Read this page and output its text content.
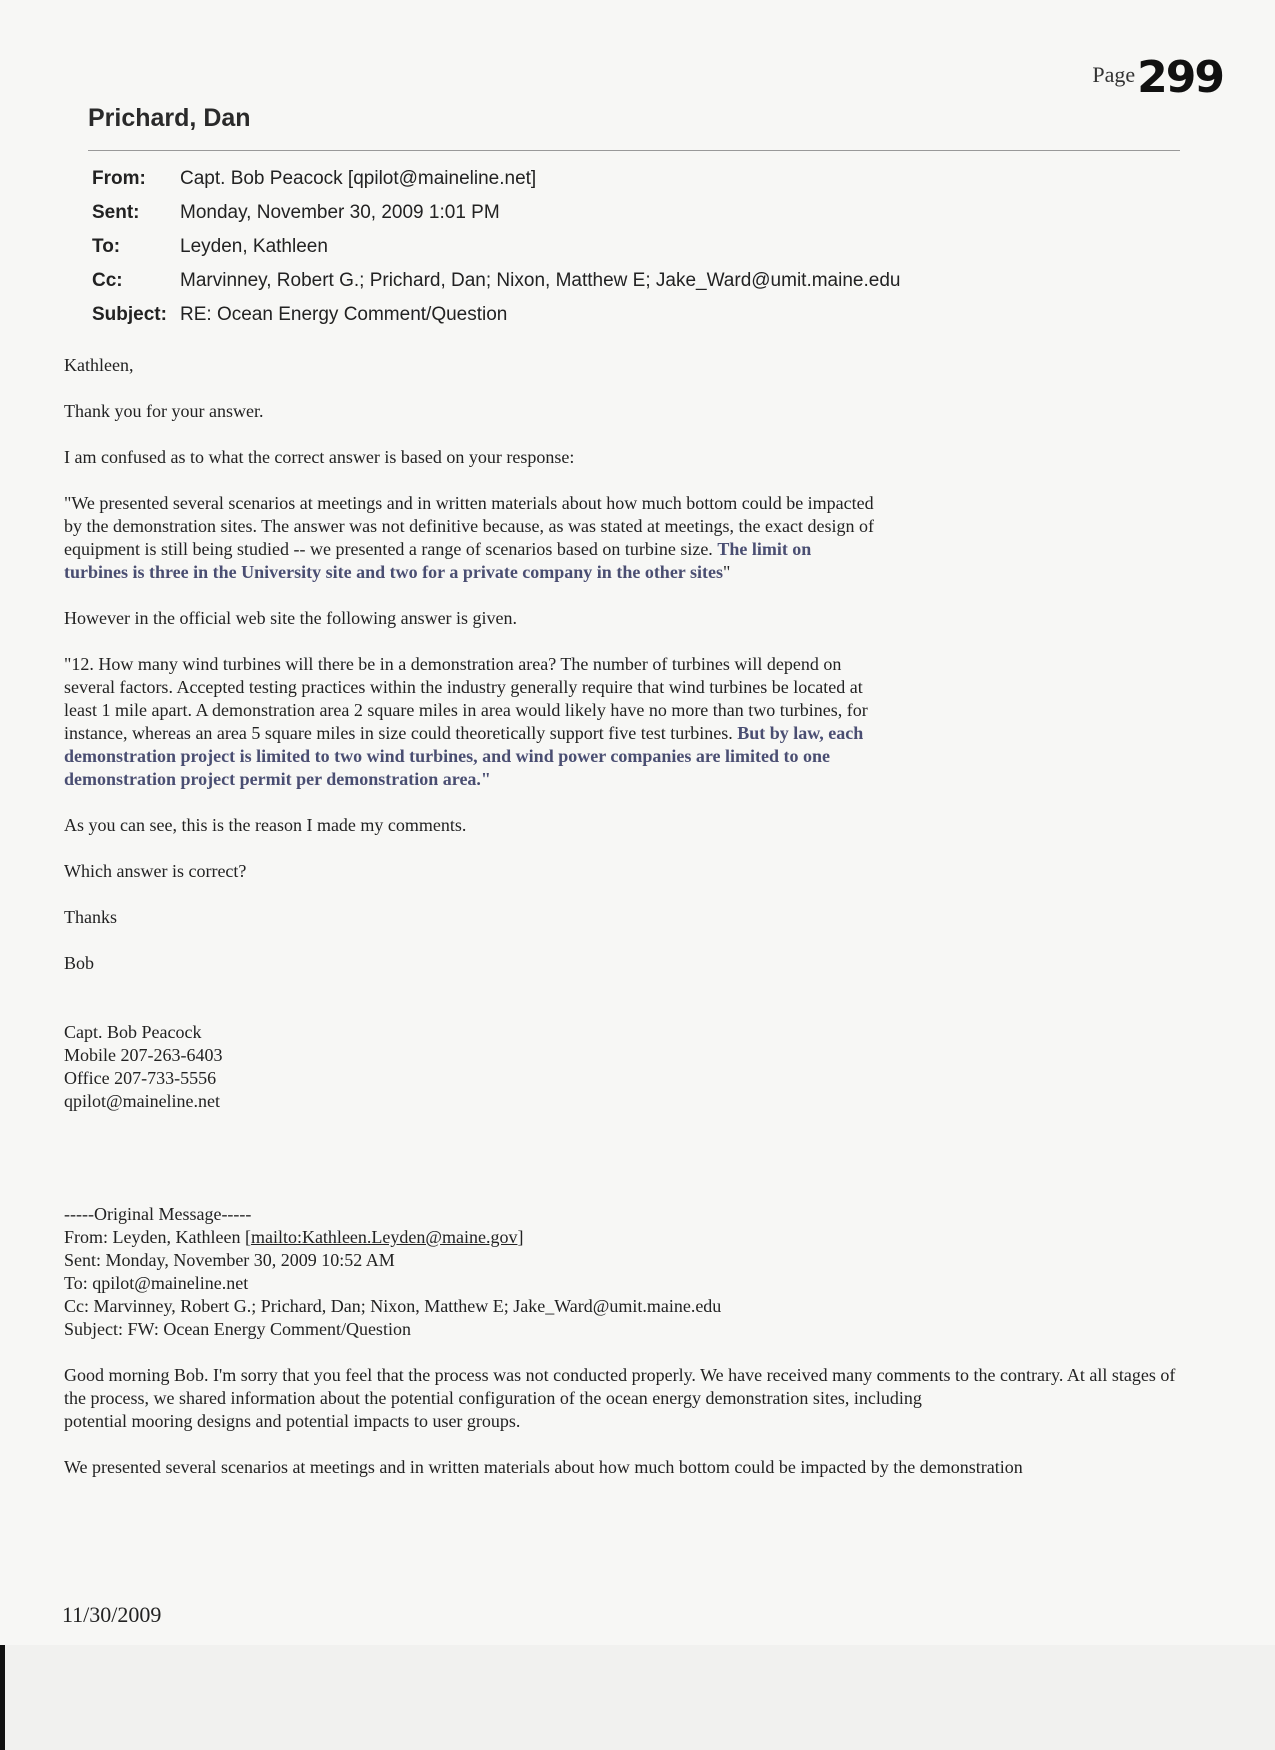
Page299
Prichard, Dan
From:	Capt. Bob Peacock [qpilot@maineline.net]
Sent:	Monday, November 30, 2009 1:01 PM
To:	Leyden, Kathleen
Cc:	Marvinney, Robert G.; Prichard, Dan; Nixon, Matthew E; Jake_Ward@umit.maine.edu
Subject: RE: Ocean Energy Comment/Question

Kathleen,

Thank you for your answer.

I am confused as to what the correct answer is based on your response:

"We presented several scenarios at meetings and in written materials about how much bottom could be impacted by the demonstration sites. The answer was not definitive because, as was stated at meetings, the exact design of equipment is still being studied -- we presented a range of scenarios based on turbine size. The limit on turbines is three in the University site and two for a private company in the other sites"

However in the official web site the following answer is given.

"12. How many wind turbines will there be in a demonstration area? The number of turbines will depend on several factors. Accepted testing practices within the industry generally require that wind turbines be located at least 1 mile apart. A demonstration area 2 square miles in area would likely have no more than two turbines, for instance, whereas an area 5 square miles in size could theoretically support five test turbines. But by law, each demonstration project is limited to two wind turbines, and wind power companies are limited to one demonstration project permit per demonstration area."

As you can see, this is the reason I made my comments.

Which answer is correct?

Thanks

Bob

Capt. Bob Peacock
Mobile 207-263-6403
Office 207-733-5556
qpilot@maineline.net
-----Original Message-----
From: Leyden, Kathleen [mailto:Kathleen.Leyden@maine.gov]
Sent: Monday, November 30, 2009 10:52 AM
To: qpilot@maineline.net
Cc: Marvinney, Robert G.; Prichard, Dan; Nixon, Matthew E; Jake_Ward@umit.maine.edu
Subject: FW: Ocean Energy Comment/Question

Good morning Bob. I'm sorry that you feel that the process was not conducted properly. We have received many comments to the contrary. At all stages of the process, we shared information about the potential configuration of the ocean energy demonstration sites, including

potential mooring designs and potential impacts to user groups.

We presented several scenarios at meetings and in written materials about how much bottom could be impacted by the demonstration

11/30/2009
